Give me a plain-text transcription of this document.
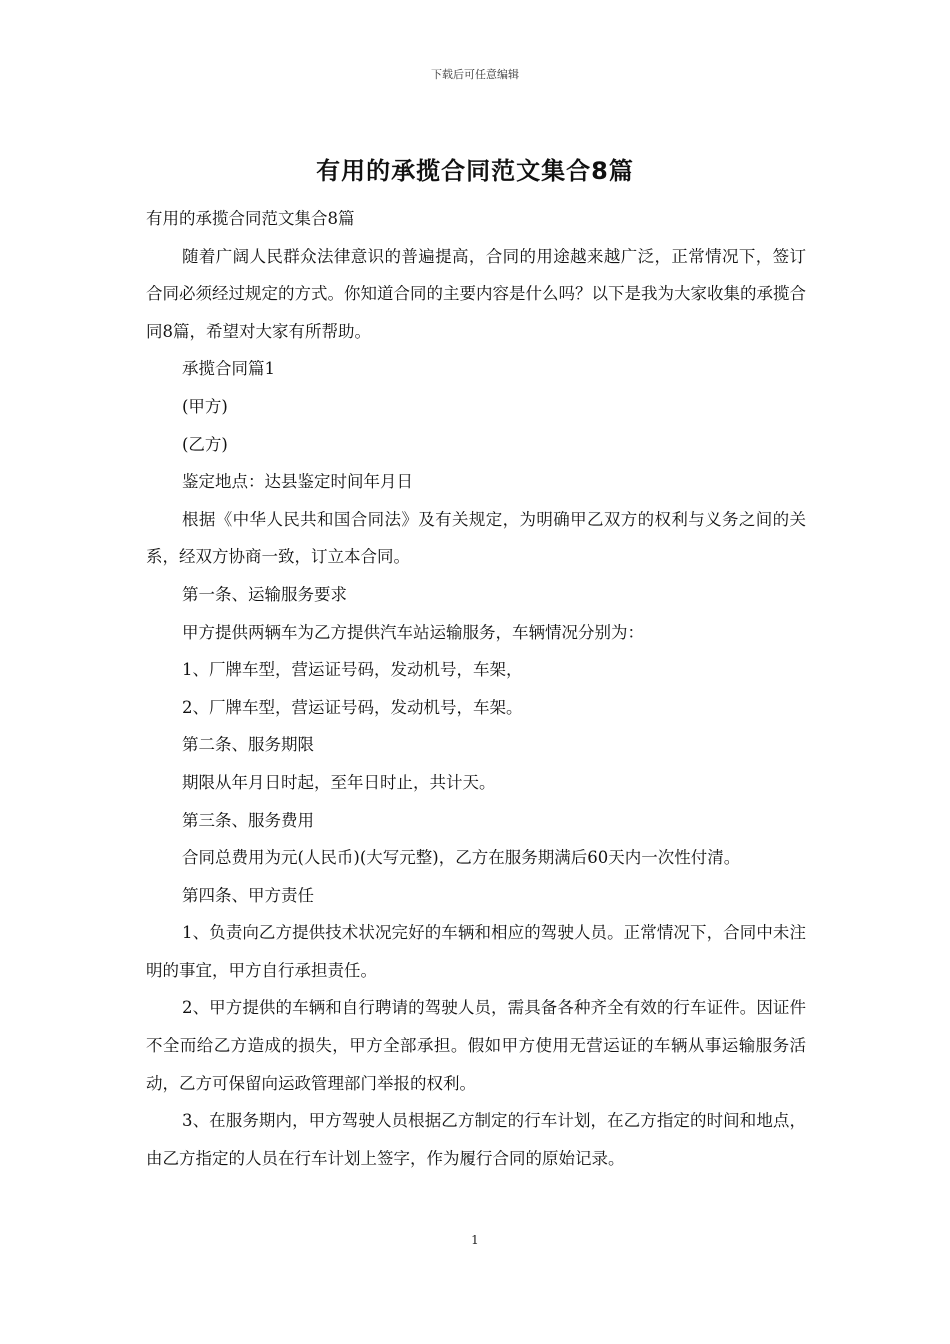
下载后可任意编辑
有用的承揽合同范文集合8篇

有用的承揽合同范文集合8篇

随着广阔人民群众法律意识的普遍提高，合同的用途越来越广泛，正常情况下，签订合同必须经过规定的方式。你知道合同的主要内容是什么吗？以下是我为大家收集的承揽合同8篇，希望对大家有所帮助。

承揽合同篇1

(甲方)

(乙方)

鉴定地点：达县鉴定时间年月日

根据《中华人民共和国合同法》及有关规定，为明确甲乙双方的权利与义务之间的关系，经双方协商一致，订立本合同。

第一条、运输服务要求

甲方提供两辆车为乙方提供汽车站运输服务，车辆情况分别为：

1、厂牌车型，营运证号码，发动机号，车架，

2、厂牌车型，营运证号码，发动机号，车架。

第二条、服务期限

期限从年月日时起，至年日时止，共计天。

第三条、服务费用

合同总费用为元(人民币)(大写元整)，乙方在服务期满后60天内一次性付清。

第四条、甲方责任

1、负责向乙方提供技术状况完好的车辆和相应的驾驶人员。正常情况下，合同中未注明的事宜，甲方自行承担责任。

2、甲方提供的车辆和自行聘请的驾驶人员，需具备各种齐全有效的行车证件。因证件不全而给乙方造成的损失，甲方全部承担。假如甲方使用无营运证的车辆从事运输服务活动，乙方可保留向运政管理部门举报的权利。

3、在服务期内，甲方驾驶人员根据乙方制定的行车计划，在乙方指定的时间和地点，由乙方指定的人员在行车计划上签字，作为履行合同的原始记录。

1
